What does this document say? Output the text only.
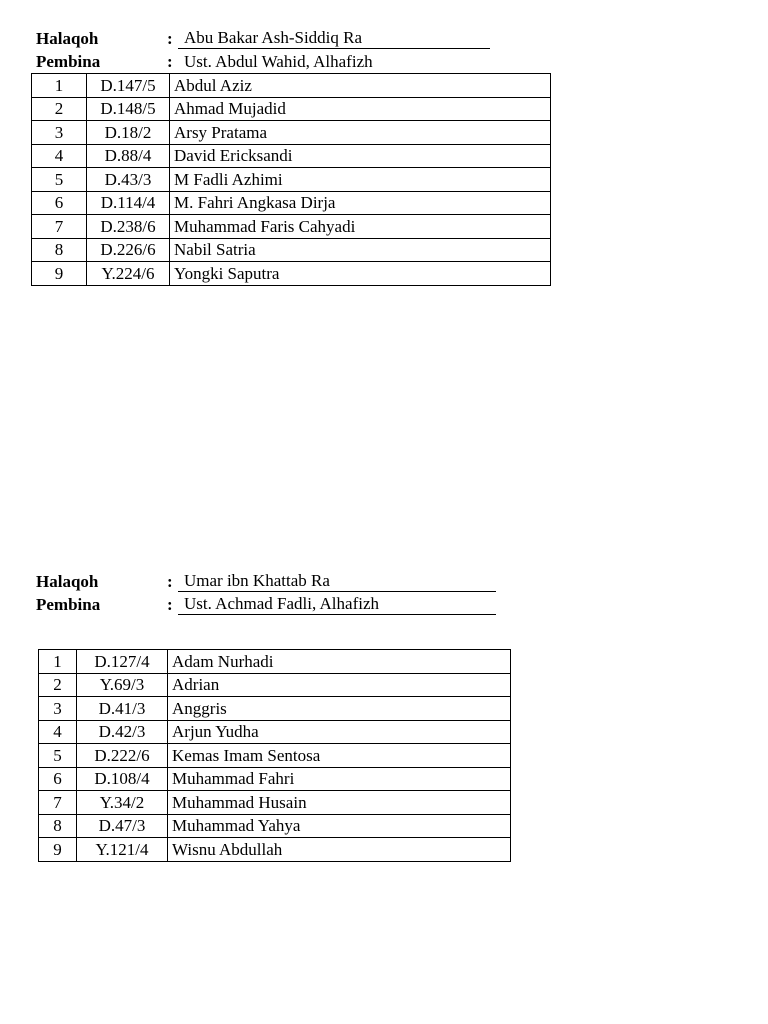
Halaqoh	: Abu Bakar Ash-Siddiq Ra
Pembina	: Ust. Abdul Wahid, Alhafizh
1	D.147/5	Abdul Aziz
2	D.148/5	Ahmad Mujadid
3	D.18/2	Arsy Pratama
4	D.88/4	David Ericksandi
5	D.43/3	M Fadli Azhimi
6	D.114/4	M. Fahri Angkasa Dirja
7	D.238/6	Muhammad Faris Cahyadi
8	D.226/6	Nabil Satria
9	Y.224/6	Yongki Saputra
Halaqoh	: Umar ibn Khattab Ra
Pembina	: Ust. Achmad Fadli, Alhafizh
1	D.127/4	Adam Nurhadi
2	Y.69/3	Adrian
3	D.41/3	Anggris
4	D.42/3	Arjun Yudha
5	D.222/6	Kemas Imam Sentosa
6	D.108/4	Muhammad Fahri
7	Y.34/2	Muhammad Husain
8	D.47/3	Muhammad Yahya
9	Y.121/4	Wisnu Abdullah
